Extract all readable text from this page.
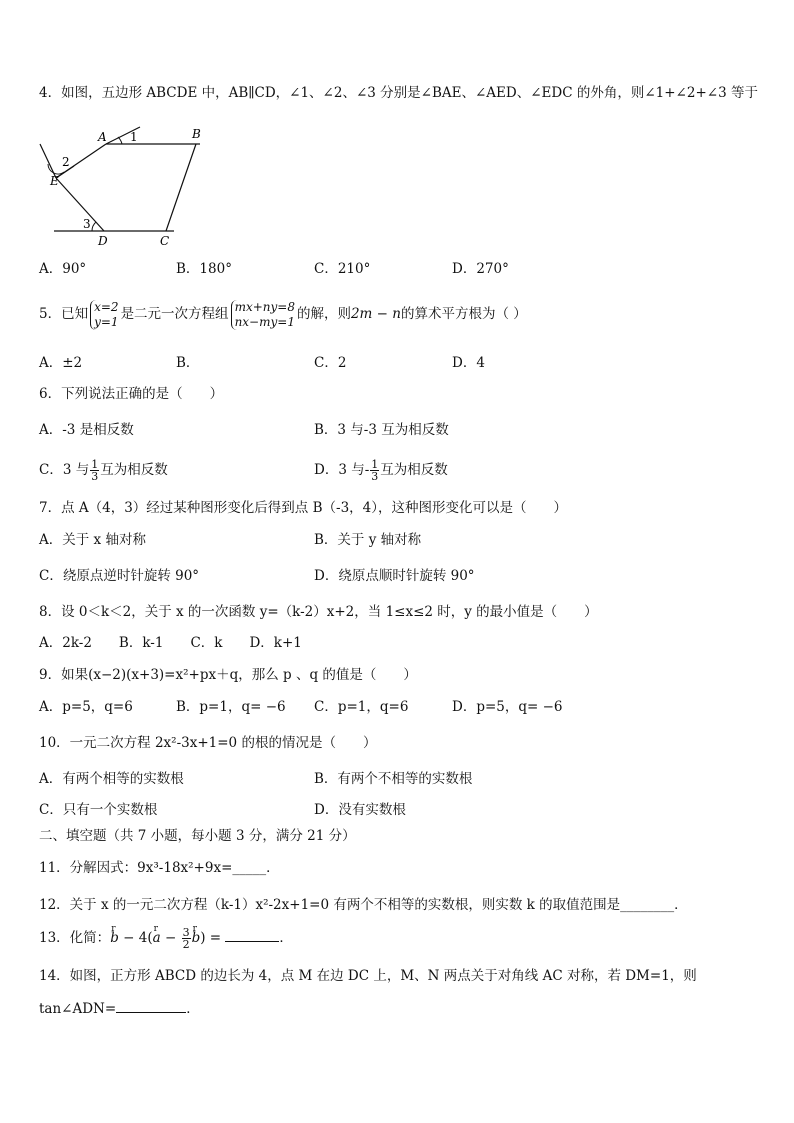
4．如图，五边形 ABCDE 中，AB∥CD，∠1、∠2、∠3 分别是∠BAE、∠AED、∠EDC 的外角，则∠1+∠2+∠3 等于
A	B
C
D
E
1
2
3
A．90°	B．180°	C．210°	D．270°
5．已知 x=2
y=1 是二元一次方程组 mx+ny=8
nx−my=1 的解，则2m − n的算术平方根为（ ）
A．±2	B．	C．2	D．4
6．下列说法正确的是（　　）
A．-3 是相反数	B．3 与-3 互为相反数
C．3 与 $\frac{1}{3}$ 互为相反数	D．3 与- $\frac{1}{3}$ 互为相反数
7．点 A（4，3）经过某种图形变化后得到点 B（-3，4），这种图形变化可以是（　　）
A．关于 x 轴对称	B．关于 y 轴对称
C．绕原点逆时针旋转 90°	D．绕原点顺时针旋转 90°
8．设 0＜k＜2，关于 x 的一次函数 y=（k-2）x+2，当 1≤x≤2 时，y 的最小值是（　　）
A．2k-2　　B．k-1　　C．k　　D．k+1
9．如果(x−2)(x+3)=x²+px＋q，那么 p 、q 的值是（　　）
A．p=5，q=6	B．p=1，q= −6 C．p=1，q=6	D．p=5，q= −6
10．一元二次方程 2x²-3x+1=0 的根的情况是（　　）
A．有两个相等的实数根	B．有两个不相等的实数根
C．只有一个实数根	D．没有实数根
二、填空题（共 7 小题，每小题 3 分，满分 21 分）
11．分解因式：9x³-18x²+9x=_____．
12．关于 x 的一元二次方程（k-1）x²-2x+1=0 有两个不相等的实数根，则实数 k 的取值范围是________．
13．化简：r b − 4(r $a - \frac{3}{2}$
r b) =	．
14．如图，正方形 ABCD 的边长为 4，点 M 在边 DC 上，M、N 两点关于对角线 AC 对称，若 DM=1，则
tan∠ADN=	．
